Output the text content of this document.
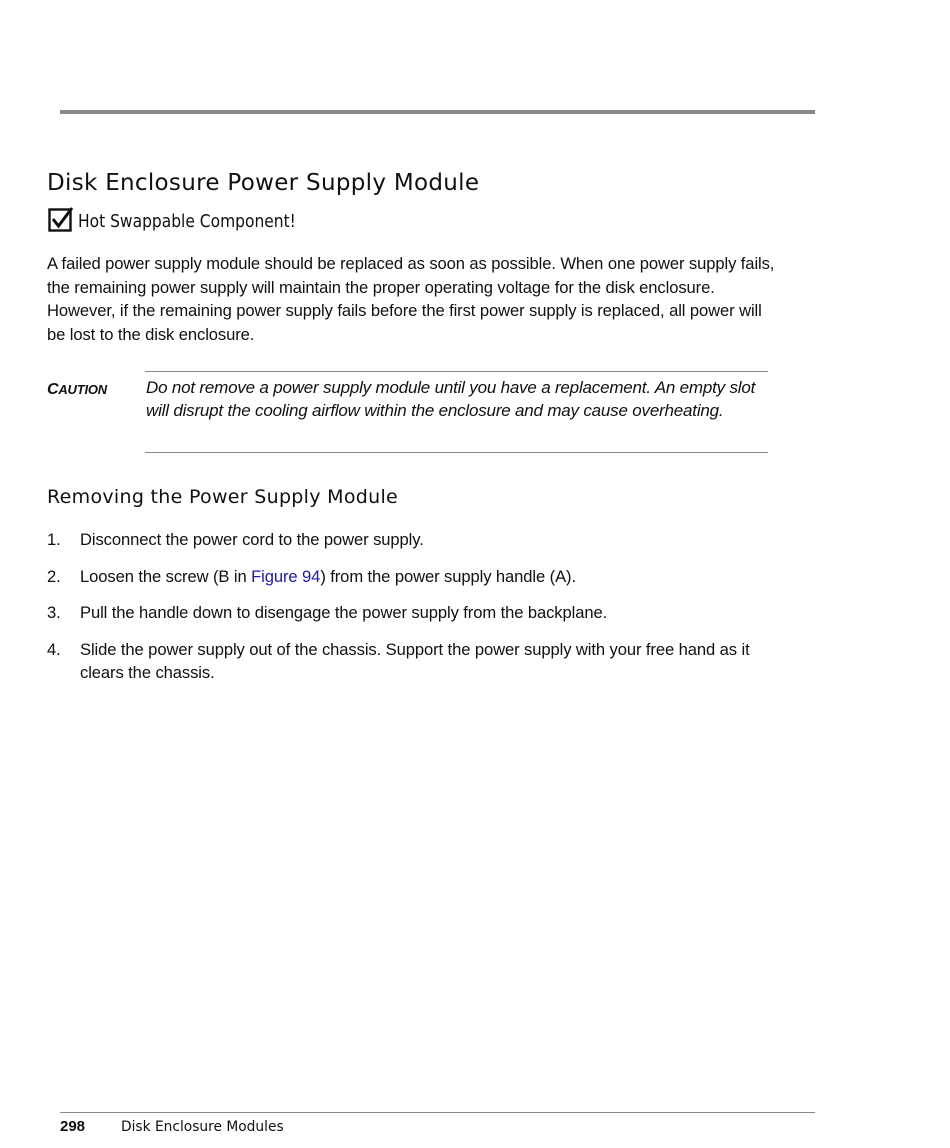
Disk Enclosure Power Supply Module
Hot Swappable Component!

A failed power supply module should be replaced as soon as possible. When one power supply fails, the remaining power supply will maintain the proper operating voltage for the disk enclosure. However, if the remaining power supply fails before the first power supply is replaced, all power will be lost to the disk enclosure.

CAUTION Do not remove a power supply module until you have a replacement. An empty slot will disrupt the cooling airflow within the enclosure and may cause overheating.

Removing the Power Supply Module
1. Disconnect the power cord to the power supply.
2. Loosen the screw (B in Figure 94) from the power supply handle (A).
3. Pull the handle down to disengage the power supply from the backplane.
4. Slide the power supply out of the chassis. Support the power supply with your free hand as it clears the chassis.
298	Disk Enclosure Modules
